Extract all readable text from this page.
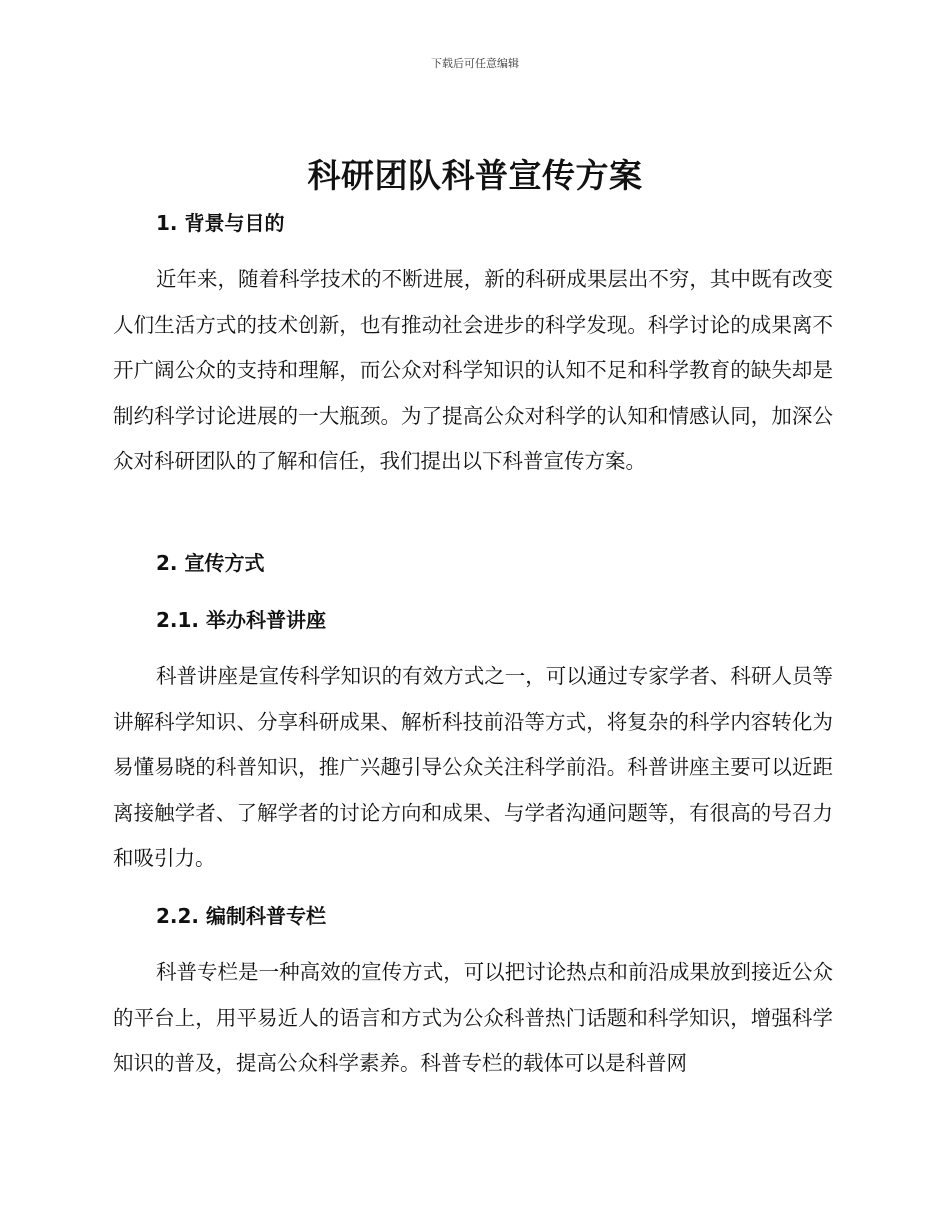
下载后可任意编辑
科研团队科普宣传方案
1. 背景与目的

近年来，随着科学技术的不断进展，新的科研成果层出不穷，其中既有改变人们生活方式的技术创新，也有推动社会进步的科学发现。科学讨论的成果离不开广阔公众的支持和理解，而公众对科学知识的认知不足和科学教育的缺失却是制约科学讨论进展的一大瓶颈。为了提高公众对科学的认知和情感认同，加深公众对科研团队的了解和信任，我们提出以下科普宣传方案。

2. 宣传方式
2.1. 举办科普讲座

科普讲座是宣传科学知识的有效方式之一，可以通过专家学者、科研人员等讲解科学知识、分享科研成果、解析科技前沿等方式，将复杂的科学内容转化为易懂易晓的科普知识，推广兴趣引导公众关注科学前沿。科普讲座主要可以近距离接触学者、了解学者的讨论方向和成果、与学者沟通问题等，有很高的号召力和吸引力。

2.2. 编制科普专栏

科普专栏是一种高效的宣传方式，可以把讨论热点和前沿成果放到接近公众的平台上，用平易近人的语言和方式为公众科普热门话题和科学知识，增强科学知识的普及，提高公众科学素养。科普专栏的载体可以是科普网
